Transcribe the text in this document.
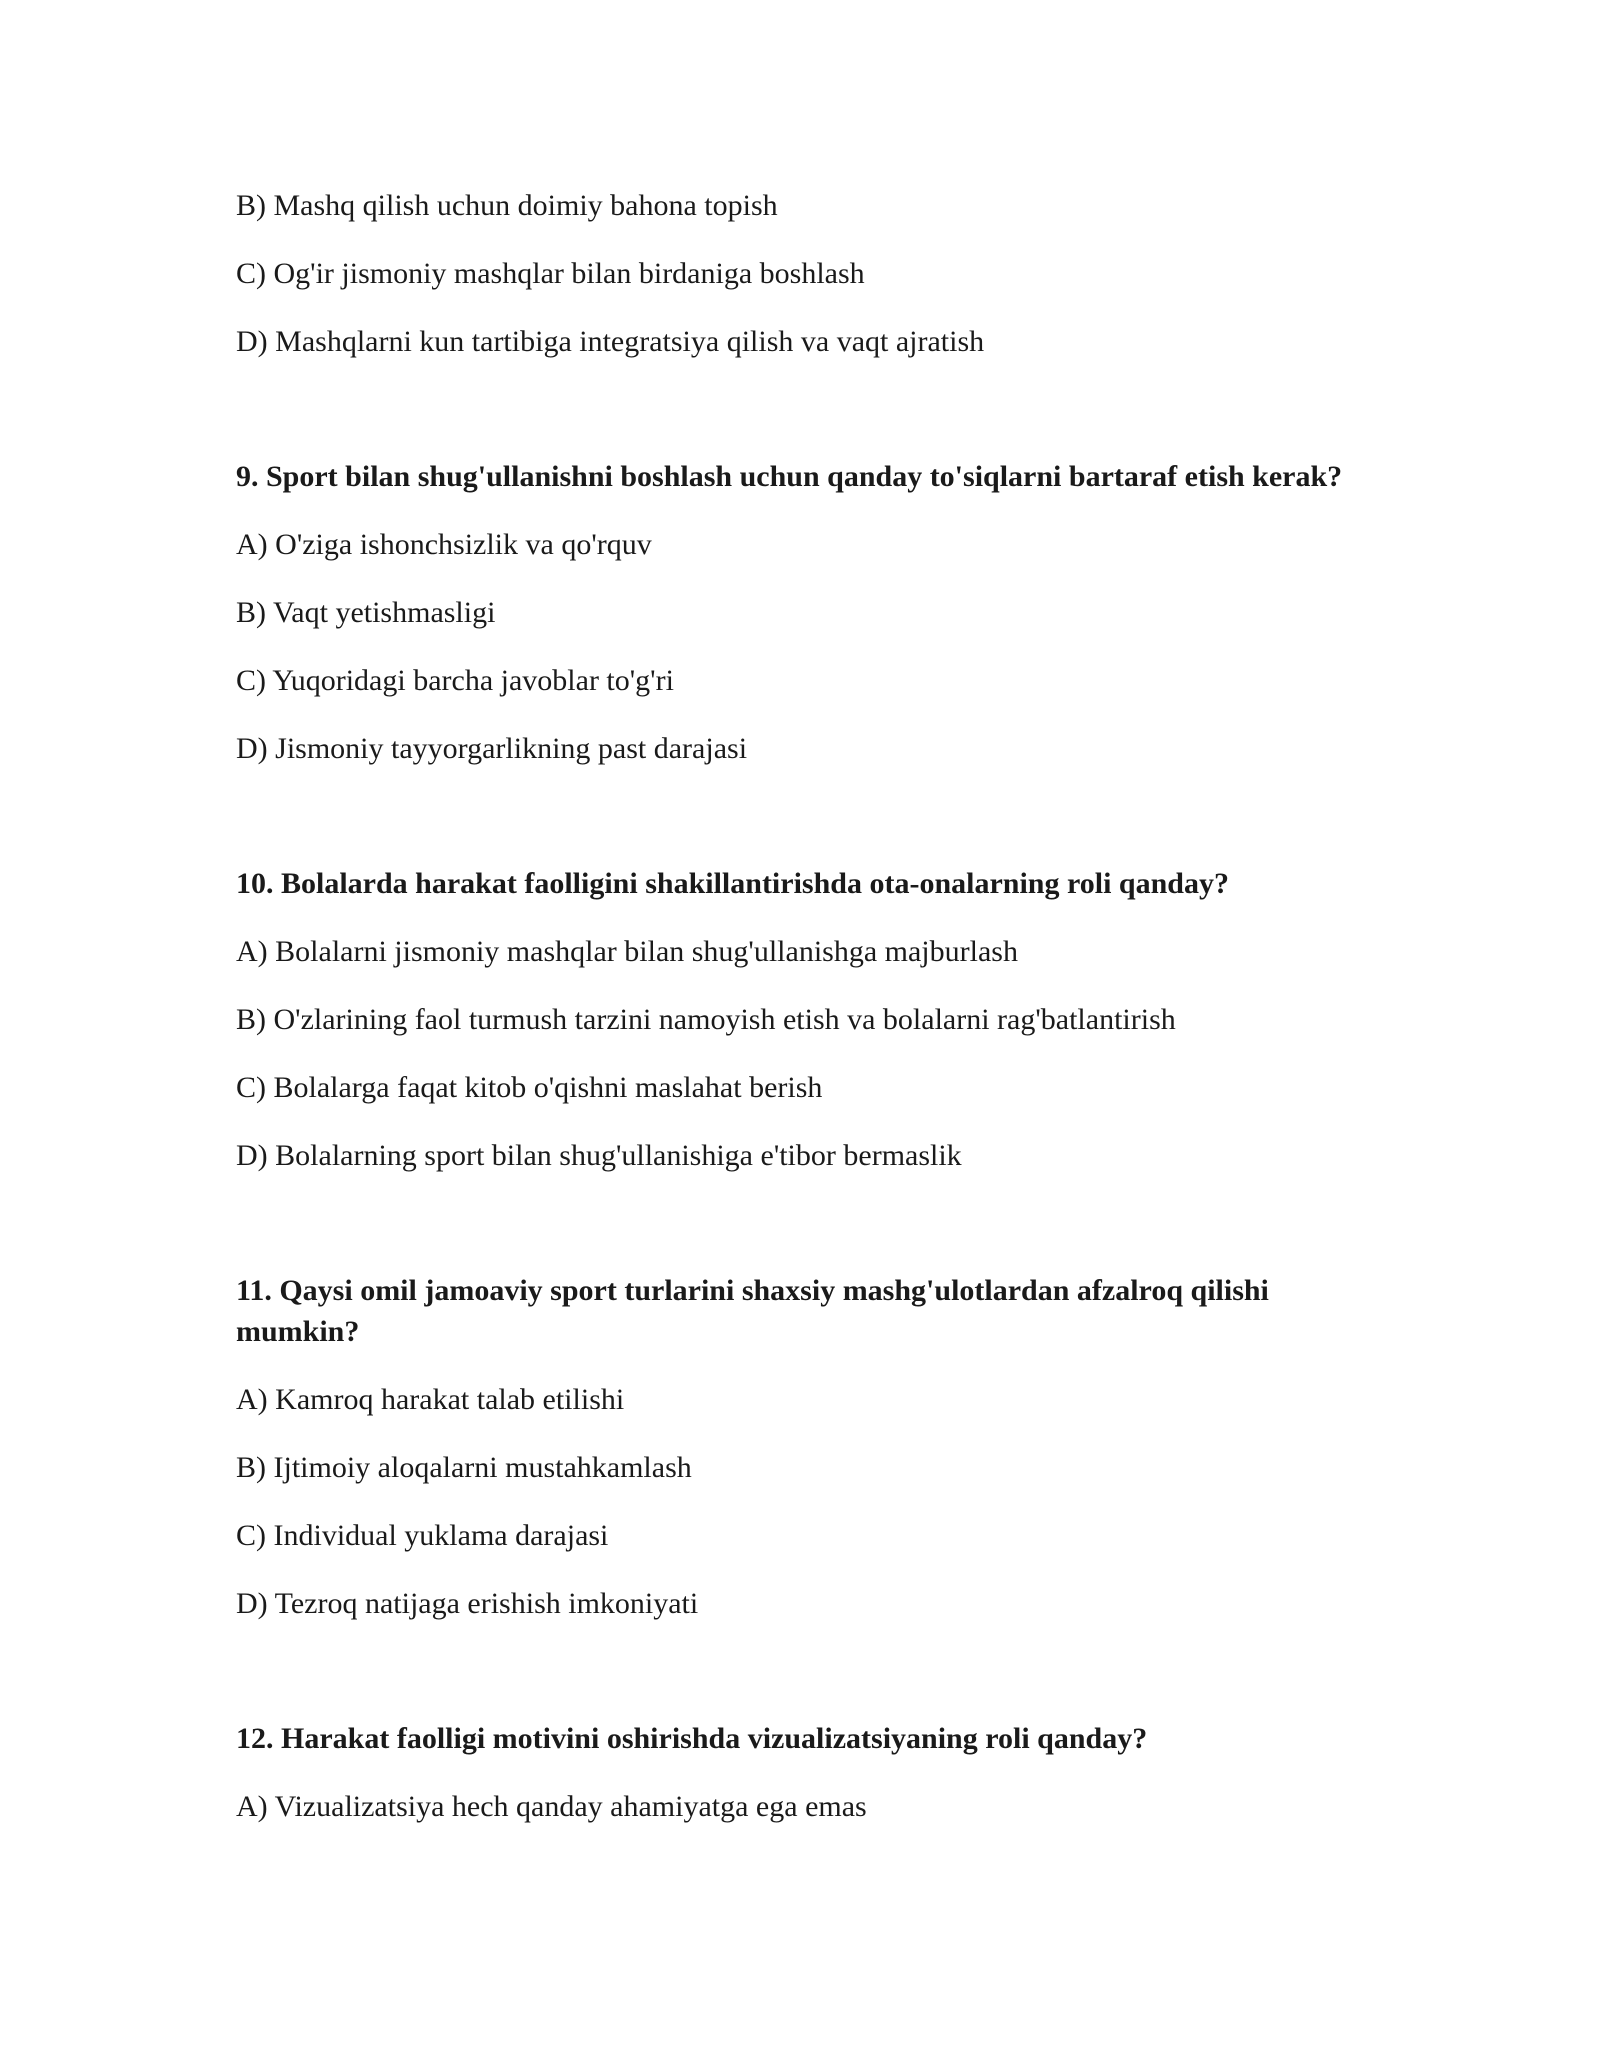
B) Mashq qilish uchun doimiy bahona topish

C) Og'ir jismoniy mashqlar bilan birdaniga boshlash

D) Mashqlarni kun tartibiga integratsiya qilish va vaqt ajratish

9. Sport bilan shug'ullanishni boshlash uchun qanday to'siqlarni bartaraf etish kerak?

A) O'ziga ishonchsizlik va qo'rquv

B) Vaqt yetishmasligi

C) Yuqoridagi barcha javoblar to'g'ri

D) Jismoniy tayyorgarlikning past darajasi

10. Bolalarda harakat faolligini shakillantirishda ota-onalarning roli qanday?

A) Bolalarni jismoniy mashqlar bilan shug'ullanishga majburlash

B) O'zlarining faol turmush tarzini namoyish etish va bolalarni rag'batlantirish

C) Bolalarga faqat kitob o'qishni maslahat berish

D) Bolalarning sport bilan shug'ullanishiga e'tibor bermaslik

11. Qaysi omil jamoaviy sport turlarini shaxsiy mashg'ulotlardan afzalroq qilishi mumkin?

A) Kamroq harakat talab etilishi

B) Ijtimoiy aloqalarni mustahkamlash

C) Individual yuklama darajasi

D) Tezroq natijaga erishish imkoniyati

12. Harakat faolligi motivini oshirishda vizualizatsiyaning roli qanday?

A) Vizualizatsiya hech qanday ahamiyatga ega emas
